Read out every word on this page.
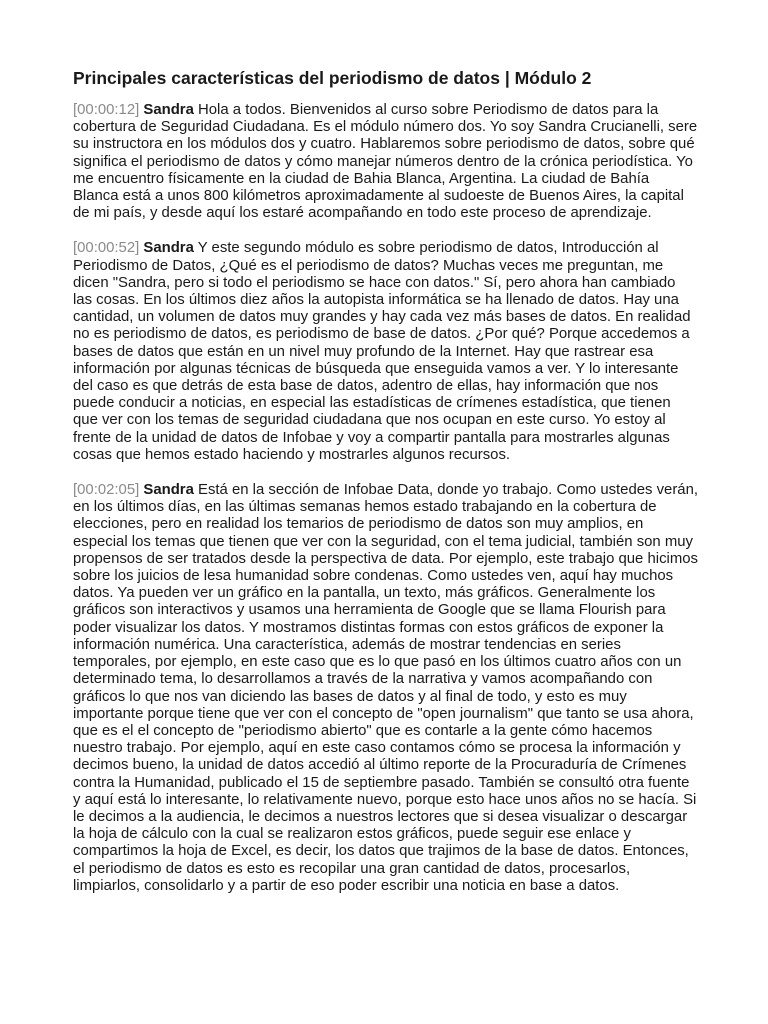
Principales características del periodismo de datos | Módulo 2

[00:00:12] Sandra Hola a todos. Bienvenidos al curso sobre Periodismo de datos para la cobertura de Seguridad Ciudadana. Es el módulo número dos. Yo soy Sandra Crucianelli, sere su instructora en los módulos dos y cuatro. Hablaremos sobre periodismo de datos, sobre qué significa el periodismo de datos y cómo manejar números dentro de la crónica periodística. Yo me encuentro físicamente en la ciudad de Bahia Blanca, Argentina. La ciudad de Bahía Blanca está a unos 800 kilómetros aproximadamente al sudoeste de Buenos Aires, la capital de mi país, y desde aquí los estaré acompañando en todo este proceso de aprendizaje.

[00:00:52] Sandra Y este segundo módulo es sobre periodismo de datos, Introducción al Periodismo de Datos, ¿Qué es el periodismo de datos? Muchas veces me preguntan, me dicen "Sandra, pero si todo el periodismo se hace con datos." Sí, pero ahora han cambiado las cosas. En los últimos diez años la autopista informática se ha llenado de datos. Hay una cantidad, un volumen de datos muy grandes y hay cada vez más bases de datos. En realidad no es periodismo de datos, es periodismo de base de datos. ¿Por qué? Porque accedemos a bases de datos que están en un nivel muy profundo de la Internet. Hay que rastrear esa información por algunas técnicas de búsqueda que enseguida vamos a ver. Y lo interesante del caso es que detrás de esta base de datos, adentro de ellas, hay información que nos puede conducir a noticias, en especial las estadísticas de crímenes estadística, que tienen que ver con los temas de seguridad ciudadana que nos ocupan en este curso. Yo estoy al frente de la unidad de datos de Infobae y voy a compartir pantalla para mostrarles algunas cosas que hemos estado haciendo y mostrarles algunos recursos.

[00:02:05] Sandra Está en la sección de Infobae Data, donde yo trabajo. Como ustedes verán, en los últimos días, en las últimas semanas hemos estado trabajando en la cobertura de elecciones, pero en realidad los temarios de periodismo de datos son muy amplios, en especial los temas que tienen que ver con la seguridad, con el tema judicial, también son muy propensos de ser tratados desde la perspectiva de data. Por ejemplo, este trabajo que hicimos sobre los juicios de lesa humanidad sobre condenas. Como ustedes ven, aquí hay muchos datos. Ya pueden ver un gráfico en la pantalla, un texto, más gráficos. Generalmente los gráficos son interactivos y usamos una herramienta de Google que se llama Flourish para poder visualizar los datos. Y mostramos distintas formas con estos gráficos de exponer la información numérica. Una característica, además de mostrar tendencias en series temporales, por ejemplo, en este caso que es lo que pasó en los últimos cuatro años con un determinado tema, lo desarrollamos a través de la narrativa y vamos acompañando con gráficos lo que nos van diciendo las bases de datos y al final de todo, y esto es muy importante porque tiene que ver con el concepto de "open journalism" que tanto se usa ahora, que es el el concepto de "periodismo abierto" que es contarle a la gente cómo hacemos nuestro trabajo. Por ejemplo, aquí en este caso contamos cómo se procesa la información y decimos bueno, la unidad de datos accedió al último reporte de la Procuraduría de Crímenes contra la Humanidad, publicado el 15 de septiembre pasado. También se consultó otra fuente y aquí está lo interesante, lo relativamente nuevo, porque esto hace unos años no se hacía. Si le decimos a la audiencia, le decimos a nuestros lectores que si desea visualizar o descargar la hoja de cálculo con la cual se realizaron estos gráficos, puede seguir ese enlace y compartimos la hoja de Excel, es decir, los datos que trajimos de la base de datos. Entonces, el periodismo de datos es esto es recopilar una gran cantidad de datos, procesarlos, limpiarlos, consolidarlo y a partir de eso poder escribir una noticia en base a datos.
